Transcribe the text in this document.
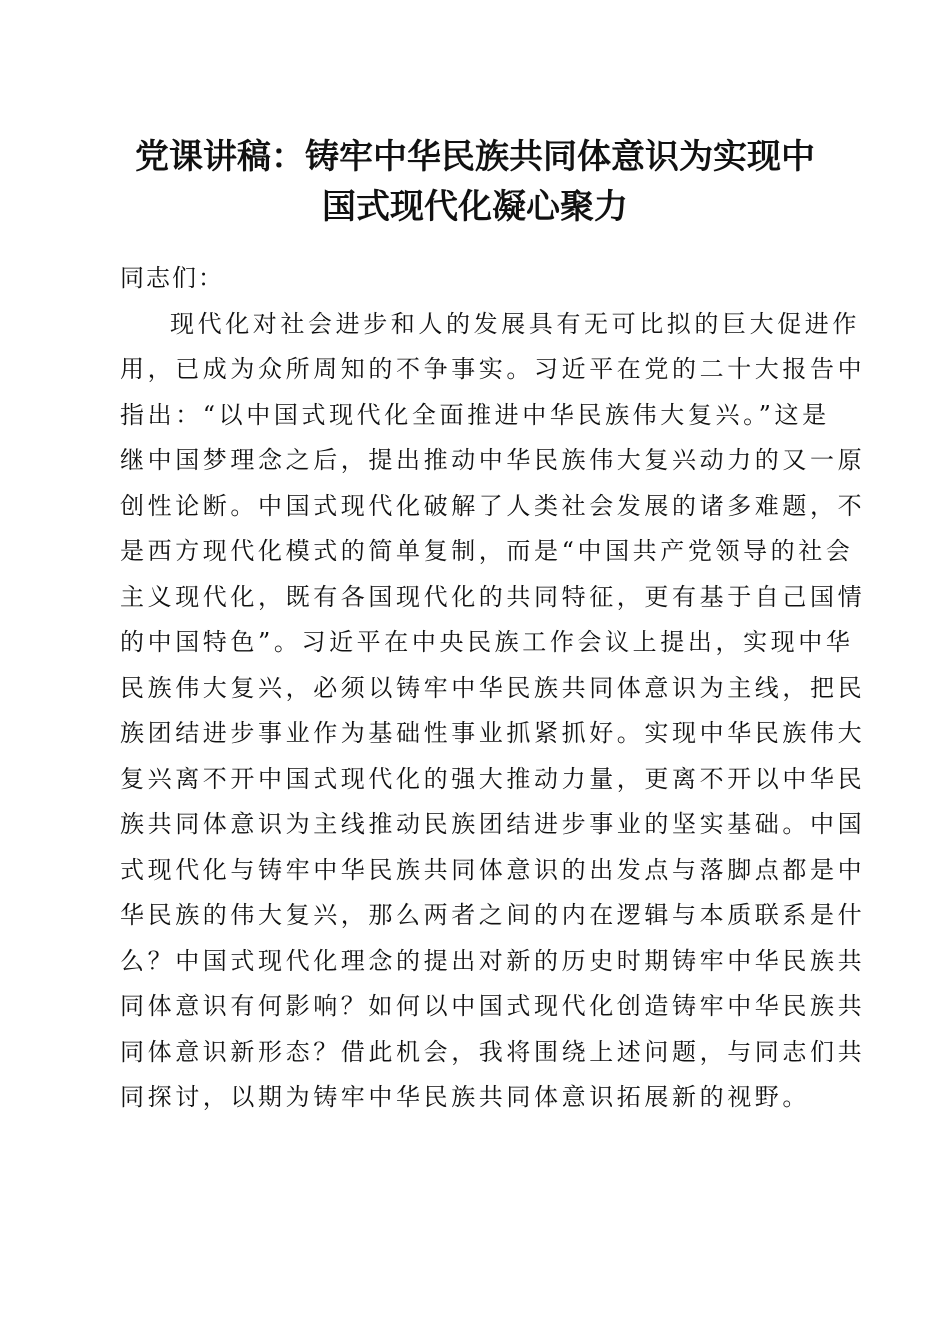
党课讲稿：铸牢中华民族共同体意识为实现中
国式现代化凝心聚力

同志们：

现代化对社会进步和人的发展具有无可比拟的巨大促进作
用，已成为众所周知的不争事实。习近平在党的二十大报告中
指出：“以中国式现代化全面推进中华民族伟大复兴。”这是
继中国梦理念之后，提出推动中华民族伟大复兴动力的又一原
创性论断。中国式现代化破解了人类社会发展的诸多难题，不
是西方现代化模式的简单复制，而是“中国共产党领导的社会
主义现代化，既有各国现代化的共同特征，更有基于自己国情
的中国特色”。习近平在中央民族工作会议上提出，实现中华
民族伟大复兴，必须以铸牢中华民族共同体意识为主线，把民
族团结进步事业作为基础性事业抓紧抓好。实现中华民族伟大
复兴离不开中国式现代化的强大推动力量，更离不开以中华民
族共同体意识为主线推动民族团结进步事业的坚实基础。中国
式现代化与铸牢中华民族共同体意识的出发点与落脚点都是中
华民族的伟大复兴，那么两者之间的内在逻辑与本质联系是什
么？中国式现代化理念的提出对新的历史时期铸牢中华民族共
同体意识有何影响？如何以中国式现代化创造铸牢中华民族共
同体意识新形态？借此机会，我将围绕上述问题，与同志们共
同探讨，以期为铸牢中华民族共同体意识拓展新的视野。
